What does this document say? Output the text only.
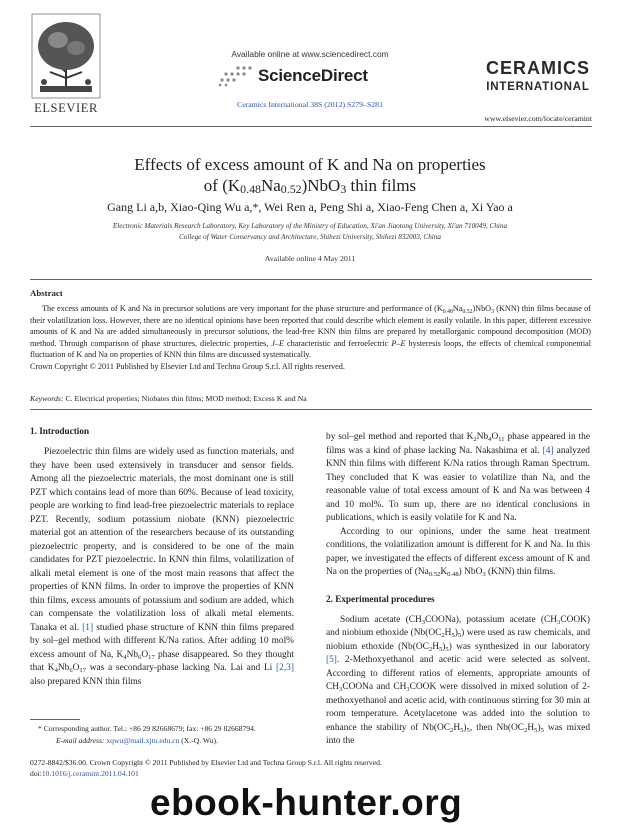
ELSEVIER
Available online at www.sciencedirect.com
ScienceDirect
Ceramics International 38S (2012) S279–S281
CERAMICS
INTERNATIONAL
www.elsevier.com/locate/ceramint
Effects of excess amount of K and Na on properties
of $(K_{0.48}Na_{0.52})NbO_3$ thin films
Gang Li a,b, Xiao-Qing Wu a,*, Wei Ren a, Peng Shi a, Xiao-Feng Chen a, Xi Yao a
Electronic Materials Research Laboratory, Key Laboratory of the Ministry of Education, Xi'an Jiaotong University, Xi'an 710049, China
College of Water Conservancy and Architecture, Shihezi University, Shihezi 832003, China
Available online 4 May 2011
Abstract
The excess amounts of K and Na in precursor solutions are very important for the phase structure and performance of $(K_{0.48}Na_{0.52})NbO_3$ (KNN) thin films because of their volatilization loss. However, there are no identical opinions have been reported that could describe which element is easily volatile. In this paper, different excessive amounts of K and Na are added simultaneously in precursor solutions, the lead-free KNN thin films are prepared by metallorganic compound decomposition (MOD) method. Through comparison of phase structures, dielectric properties, J–E characteristic and ferroelectric P–E hysteresis loops, the effects of chemical componential fluctuation of K and Na on properties of KNN thin films are discussed systematically.
Crown Copyright © 2011 Published by Elsevier Ltd and Techna Group S.r.l. All rights reserved.
Keywords: C. Electrical properties; Niobates thin films; MOD method; Excess K and Na
1. Introduction

Piezoelectric thin films are widely used as function materials, and they have been used extensively in transducer and sensor fields. Among all the piezoelectric materials, the most dominant one is still PZT which contains lead of more than 60%. Because of lead toxicity, people are working to find lead-free piezoelectric materials to replace PZT. Recently, sodium potassium niobate (KNN) piezoelectric material got an attention of the researchers because of its outstanding piezoelectric property, and is considered to be one of the main candidates for PZT piezoelectric. In KNN thin films, volatilization of alkali metal element is one of the most main reasons that affect the properties of KNN films. In order to improve the properties of KNN thin films, excess amounts of potassium and sodium are added, which can compensate the volatilization loss of alkali metal elements. Tanaka et al. [1] studied phase structure of KNN thin films prepared by sol–gel method with different K/Na ratios. After adding 10 mol% excess amount of Na, $K_4Nb_6O_{17}$ phase disappeared. So they thought that $K_4Nb_6O_{17}$ was a secondary-phase lacking Na. Lai and Li [2,3] also prepared KNN thin films

by sol–gel method and reported that $K_2Nb_4O_{11}$ phase appeared in the films was a kind of phase lacking Na. Nakashima et al. [4] analyzed KNN thin films with different K/Na ratios through Raman Spectrum. They concluded that K was easier to volatilize than Na, and the reasonable value of total excess amount of K and Na was between 4 and 10 mol%. To sum up, there are no identical conclusions in publications, which is easily volatile for K and Na.

According to our opinions, under the same heat treatment conditions, the volatilization amount is different for K and Na. In this paper, we investigated the effects of different excess amount of K and Na on the properties of $(Na_{0.52}K_{0.48})$ NbO$_3$ (KNN) thin films.

2. Experimental procedures

Sodium acetate $(CH_3COONa)$, potassium acetate $(CH_3COOK)$ and niobium ethoxide $(Nb(OC_2H_5)_5)$ were used as raw chemicals, and niobium ethoxide $(Nb(OC_2H_5)_5)$ was synthesized in our laboratory [5]. 2-Methoxyethanol and acetic acid were selected as solvent. According to different ratios of elements, appropriate amounts of $CH_3COONa$ and $CH_3COOK$ were dissolved in mixed solution of 2-methoxyethanol and acetic acid, with continuous stirring for 30 min at room temperature. Acetylacetone was added into the solution to enhance the stability of $Nb(OC_2H_5)_5$, then $Nb(OC_2H_5)_5$ was mixed into the

* Corresponding author. Tel.: +86 29 82668679; fax: +86 29 82668794.
E-mail address: xqwu@mail.xjtu.edu.cn (X.-Q. Wu).
0272-8842/$36.00. Crown Copyright © 2011 Published by Elsevier Ltd and Techna Group S.r.l. All rights reserved.
doi:10.1016/j.ceramint.2011.04.101
ebook-hunter.org
